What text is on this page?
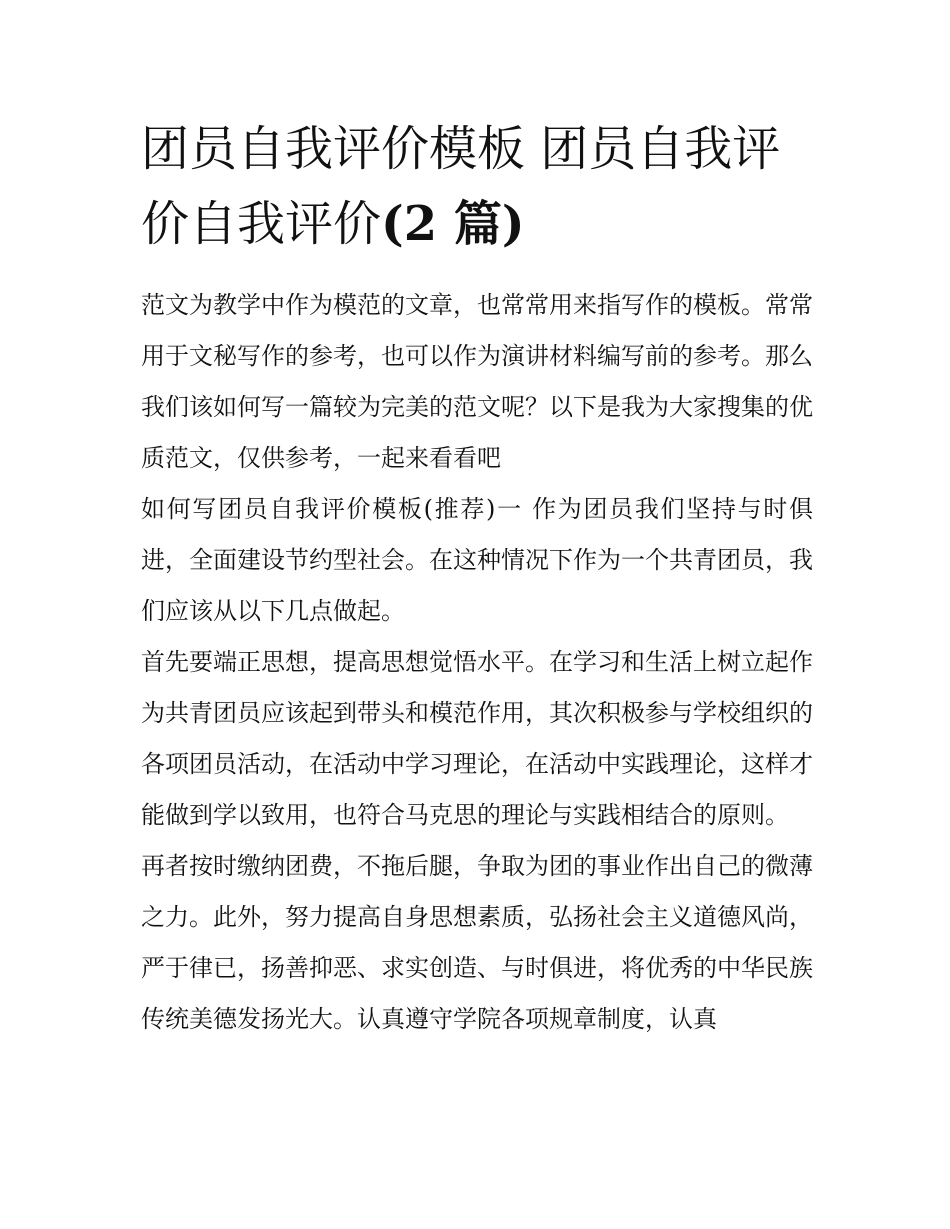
团员自我评价模板 团员自我评价自我评价(2 篇)

范文为教学中作为模范的文章，也常常用来指写作的模板。常常用于文秘写作的参考，也可以作为演讲材料编写前的参考。那么我们该如何写一篇较为完美的范文呢？以下是我为大家搜集的优质范文，仅供参考，一起来看看吧

如何写团员自我评价模板(推荐)一 作为团员我们坚持与时俱进，全面建设节约型社会。在这种情况下作为一个共青团员，我们应该从以下几点做起。

首先要端正思想，提高思想觉悟水平。在学习和生活上树立起作为共青团员应该起到带头和模范作用，其次积极参与学校组织的各项团员活动，在活动中学习理论，在活动中实践理论，这样才能做到学以致用，也符合马克思的理论与实践相结合的原则。

再者按时缴纳团费，不拖后腿，争取为团的事业作出自己的微薄之力。此外，努力提高自身思想素质，弘扬社会主义道德风尚，严于律已，扬善抑恶、求实创造、与时俱进，将优秀的中华民族传统美德发扬光大。认真遵守学院各项规章制度，认真
